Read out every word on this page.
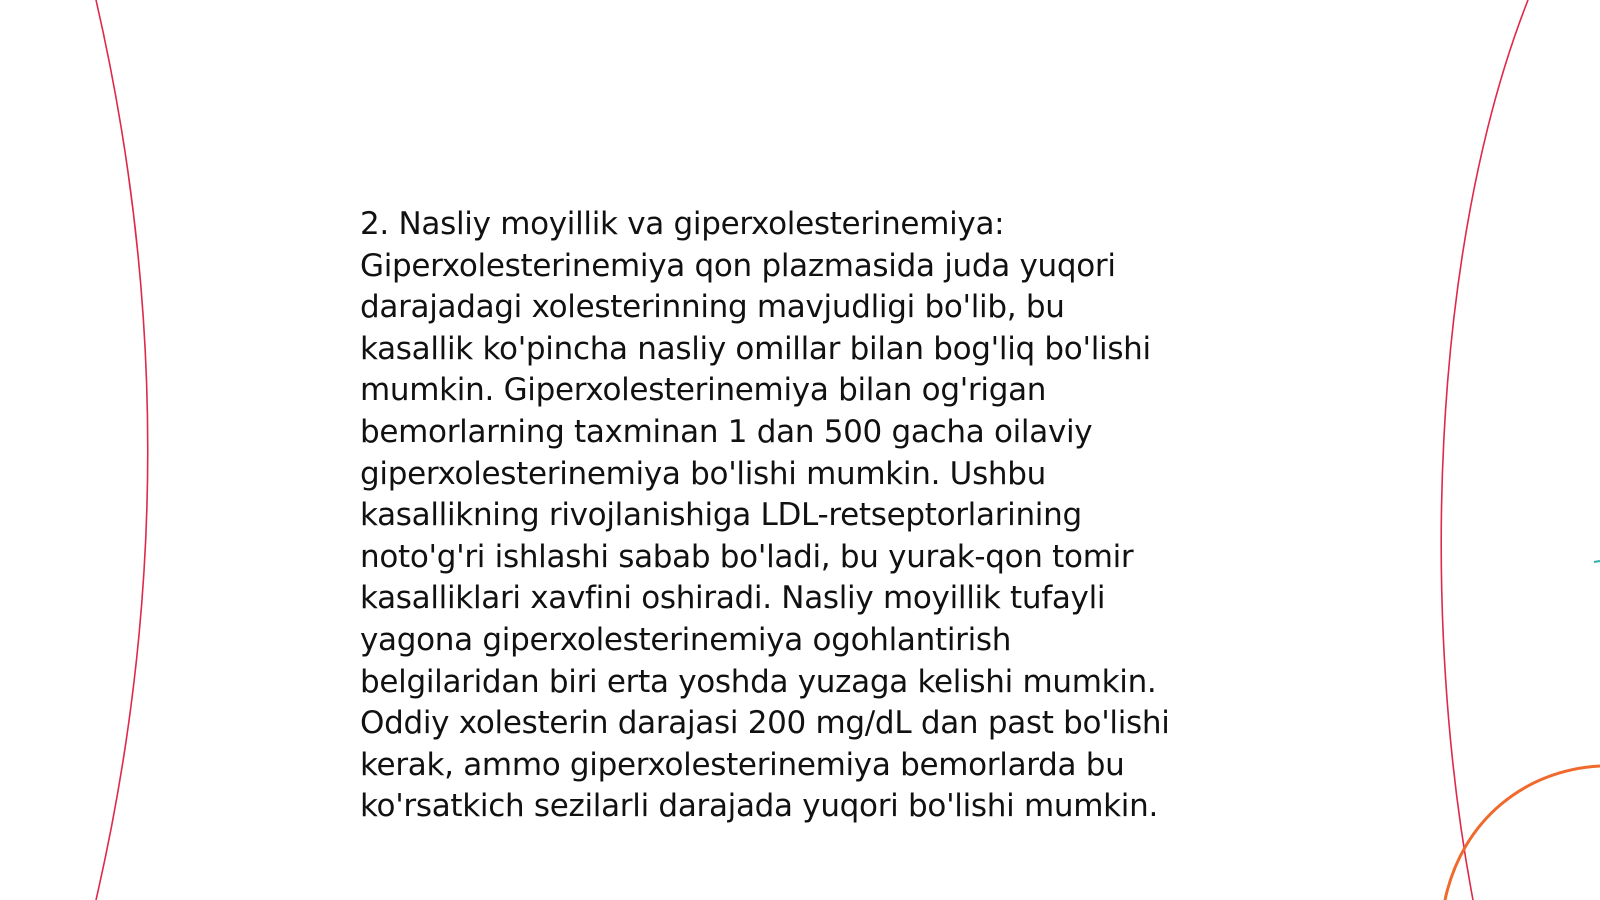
2. Nasliy moyillik va giperxolesterinemiya:
Giperxolesterinemiya qon plazmasida juda yuqori
darajadagi xolesterinning mavjudligi bo'lib, bu
kasallik ko'pincha nasliy omillar bilan bog'liq bo'lishi
mumkin. Giperxolesterinemiya bilan og'rigan
bemorlarning taxminan 1 dan 500 gacha oilaviy
giperxolesterinemiya bo'lishi mumkin. Ushbu
kasallikning rivojlanishiga LDL-retseptorlarining
noto'g'ri ishlashi sabab bo'ladi, bu yurak-qon tomir
kasalliklari xavfini oshiradi. Nasliy moyillik tufayli
yagona giperxolesterinemiya ogohlantirish
belgilaridan biri erta yoshda yuzaga kelishi mumkin.
Oddiy xolesterin darajasi 200 mg/dL dan past bo'lishi
kerak, ammo giperxolesterinemiya bemorlarda bu
ko'rsatkich sezilarli darajada yuqori bo'lishi mumkin.
